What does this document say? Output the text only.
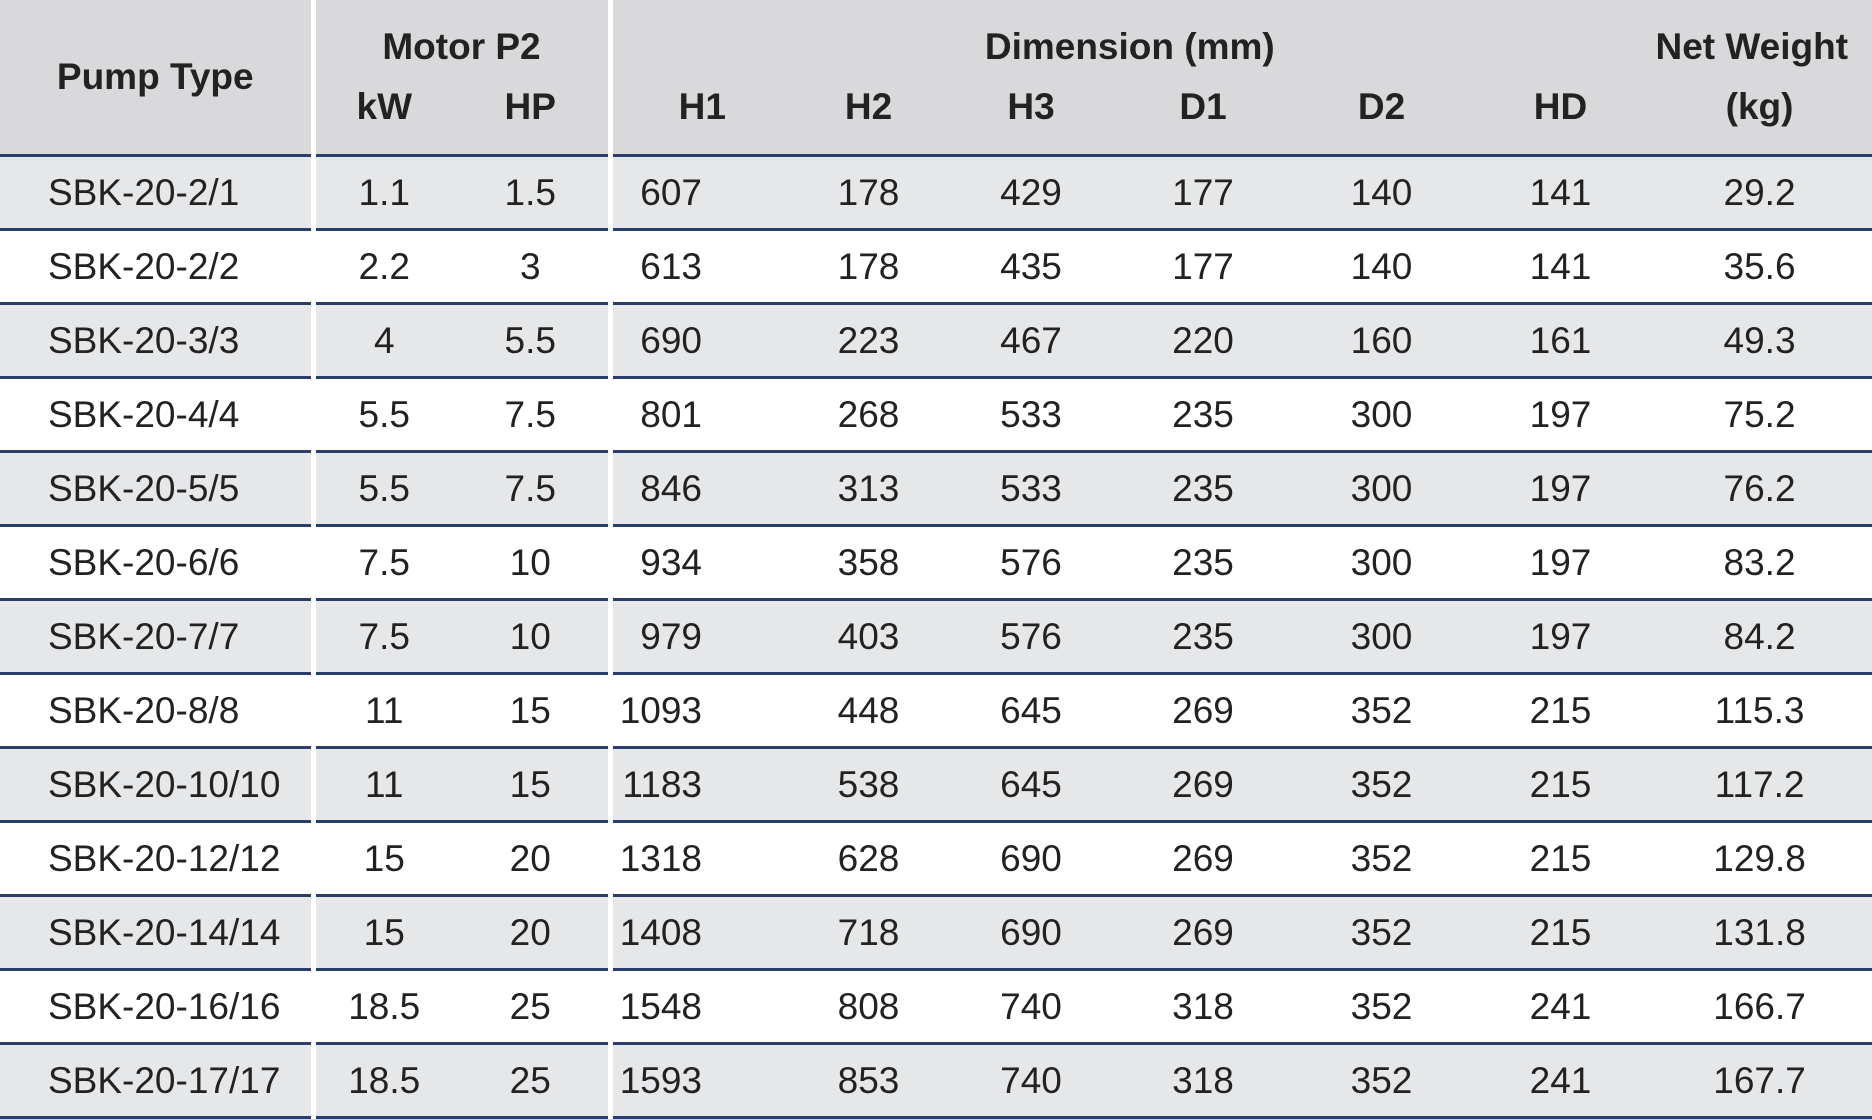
Pump Type	Motor P2		Dimension (mm)						Net Weight
	kW	HP	H1	H2	H3	D1	D2	HD	(kg)
SBK-20-2/1	1.1	1.5	607	178	429	177	140	141	29.2
SBK-20-2/2	2.2	3	613	178	435	177	140	141	35.6
SBK-20-3/3	4	5.5	690	223	467	220	160	161	49.3
SBK-20-4/4	5.5	7.5	801	268	533	235	300	197	75.2
SBK-20-5/5	5.5	7.5	846	313	533	235	300	197	76.2
SBK-20-6/6	7.5	10	934	358	576	235	300	197	83.2
SBK-20-7/7	7.5	10	979	403	576	235	300	197	84.2
SBK-20-8/8	11	15	1093	448	645	269	352	215	115.3
SBK-20-10/10	11	15	1183	538	645	269	352	215	117.2
SBK-20-12/12	15	20	1318	628	690	269	352	215	129.8
SBK-20-14/14	15	20	1408	718	690	269	352	215	131.8
SBK-20-16/16	18.5	25	1548	808	740	318	352	241	166.7
SBK-20-17/17	18.5	25	1593	853	740	318	352	241	167.7
